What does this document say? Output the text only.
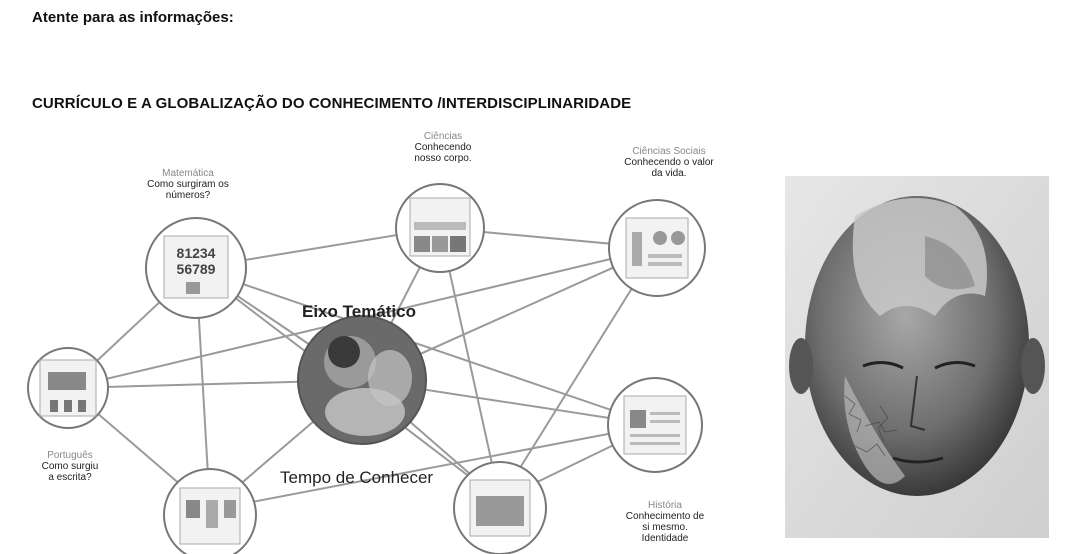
Atente para as informações:
CURRÍCULO E A GLOBALIZAÇÃO DO CONHECIMENTO /INTERDISCIPLINARIDADE
81234
56789
Matemática
Como surgiram os números?
Ciências
Conhecendo nosso corpo.
Ciências Sociais
Conhecendo o valor da vida.
Português
Como surgiu a escrita?
História
Conhecimento de si mesmo. Identidade
Eixo Temático
Tempo de Conhecer
